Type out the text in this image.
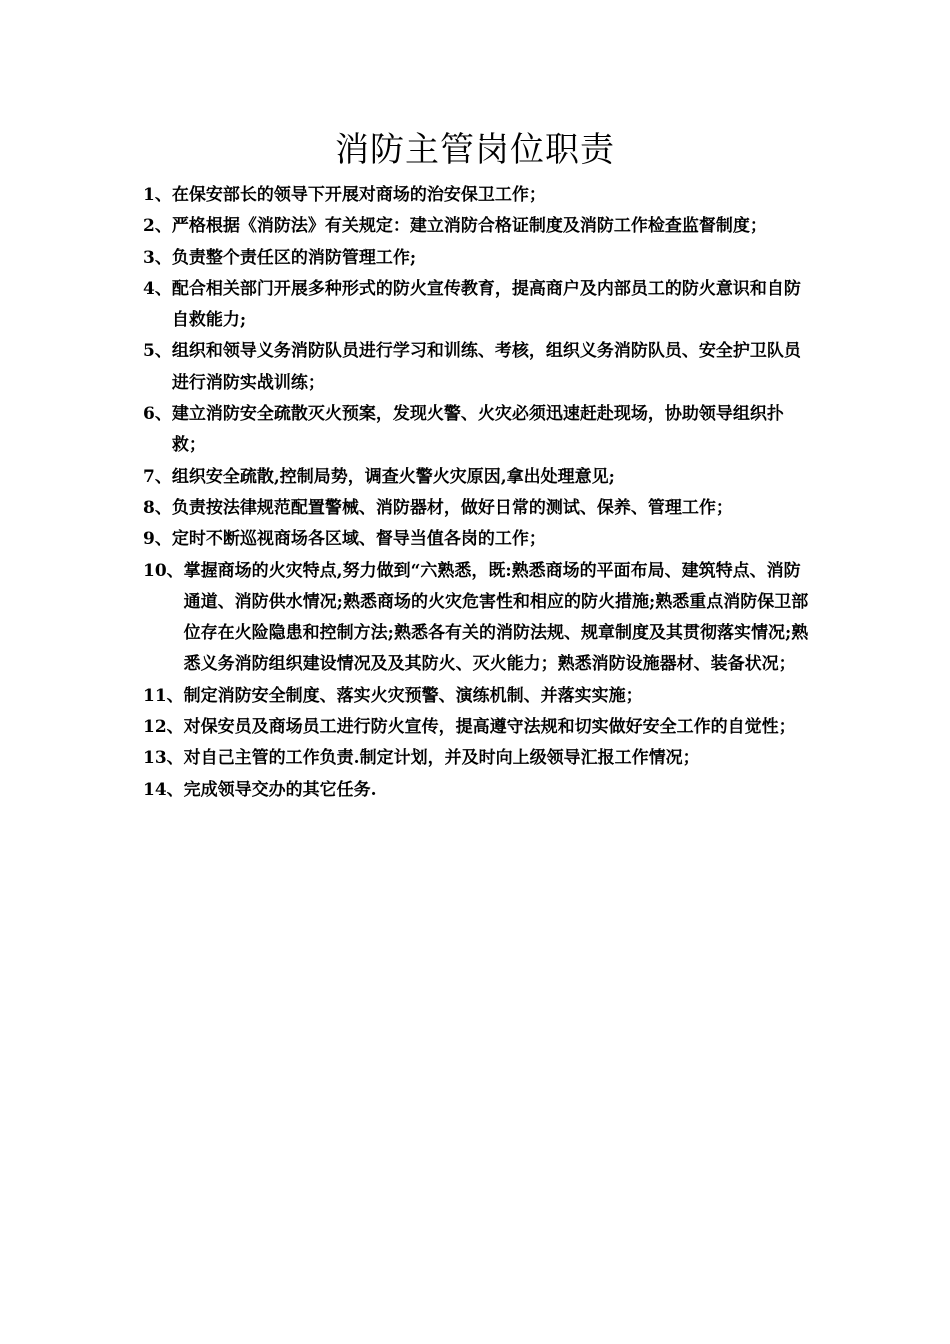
消防主管岗位职责
1、 在保安部长的领导下开展对商场的治安保卫工作；
2、 严格根据《消防法》有关规定：建立消防合格证制度及消防工作检查监督制度；
3、 负责整个责任区的消防管理工作;
4、 配合相关部门开展多种形式的防火宣传教育，提高商户及内部员工的防火意识和自防自救能力;
5、 组织和领导义务消防队员进行学习和训练、考核，组织义务消防队员、安全护卫队员进行消防实战训练；
6、 建立消防安全疏散灭火预案，发现火警、火灾必须迅速赶赴现场，协助领导组织扑救；
7、 组织安全疏散,控制局势，调查火警火灾原因,拿出处理意见;
8、 负责按法律规范配置警械、消防器材，做好日常的测试、保养、管理工作；
9、 定时不断巡视商场各区域、督导当值各岗的工作；
10、 掌握商场的火灾特点,努力做到“六熟悉，既:熟悉商场的平面布局、建筑特点、消防通道、消防供水情况;熟悉商场的火灾危害性和相应的防火措施;熟悉重点消防保卫部位存在火险隐患和控制方法;熟悉各有关的消防法规、规章制度及其贯彻落实情况;熟悉义务消防组织建设情况及及其防火、灭火能力；熟悉消防设施器材、装备状况；
11、 制定消防安全制度、落实火灾预警、演练机制、并落实实施；
12、 对保安员及商场员工进行防火宣传，提高遵守法规和切实做好安全工作的自觉性；
13、 对自己主管的工作负责.制定计划，并及时向上级领导汇报工作情况；
14、 完成领导交办的其它任务.
